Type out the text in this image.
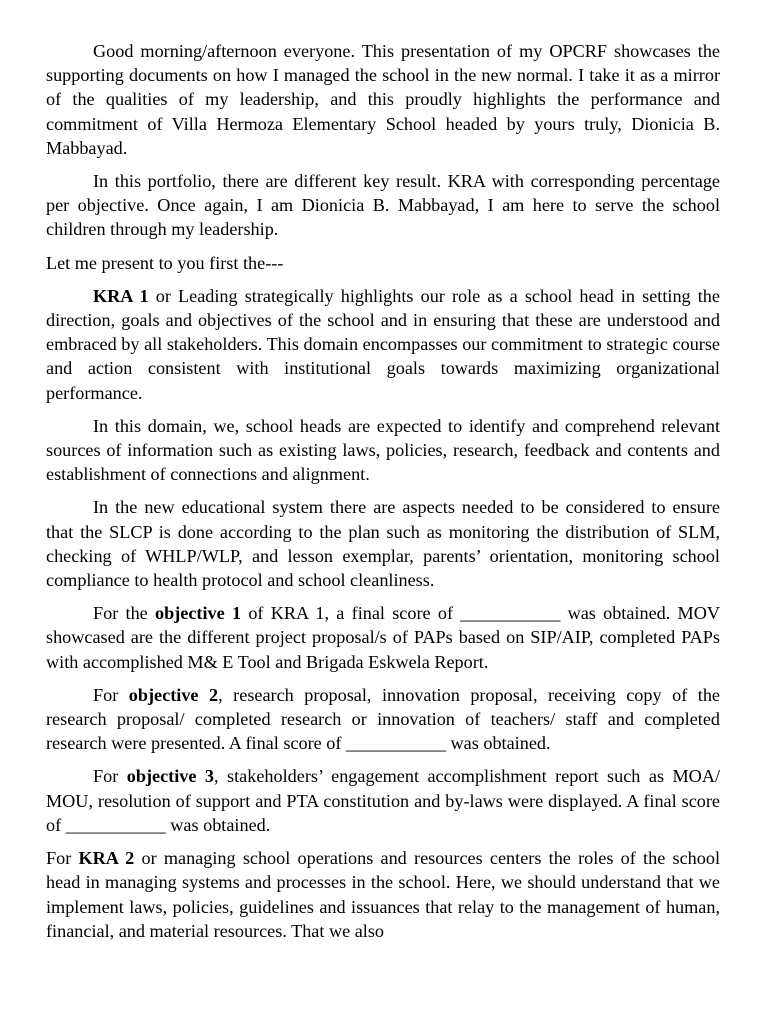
Good morning/afternoon everyone. This presentation of my OPCRF showcases the supporting documents on how I managed the school in the new normal. I take it as a mirror of the qualities of my leadership, and this proudly highlights the performance and commitment of Villa Hermoza Elementary School headed by yours truly, Dionicia B. Mabbayad.

In this portfolio, there are different key result. KRA with corresponding percentage per objective. Once again, I am Dionicia B. Mabbayad, I am here to serve the school children through my leadership.

Let me present to you first the---

KRA 1 or Leading strategically highlights our role as a school head in setting the direction, goals and objectives of the school and in ensuring that these are understood and embraced by all stakeholders. This domain encompasses our commitment to strategic course and action consistent with institutional goals towards maximizing organizational performance.

In this domain, we, school heads are expected to identify and comprehend relevant sources of information such as existing laws, policies, research, feedback and contents and establishment of connections and alignment.

In the new educational system there are aspects needed to be considered to ensure that the SLCP is done according to the plan such as monitoring the distribution of SLM, checking of WHLP/WLP, and lesson exemplar, parents’ orientation, monitoring school compliance to health protocol and school cleanliness.

For the objective 1 of KRA 1, a final score of ___________ was obtained. MOV showcased are the different project proposal/s of PAPs based on SIP/AIP, completed PAPs with accomplished M& E Tool and Brigada Eskwela Report.

For objective 2, research proposal, innovation proposal, receiving copy of the research proposal/ completed research or innovation of teachers/ staff and completed research were presented. A final score of ___________ was obtained.

For objective 3, stakeholders’ engagement accomplishment report such as MOA/ MOU, resolution of support and PTA constitution and by-laws were displayed. A final score of ___________ was obtained.

For KRA 2 or managing school operations and resources centers the roles of the school head in managing systems and processes in the school. Here, we should understand that we implement laws, policies, guidelines and issuances that relay to the management of human, financial, and material resources. That we also
